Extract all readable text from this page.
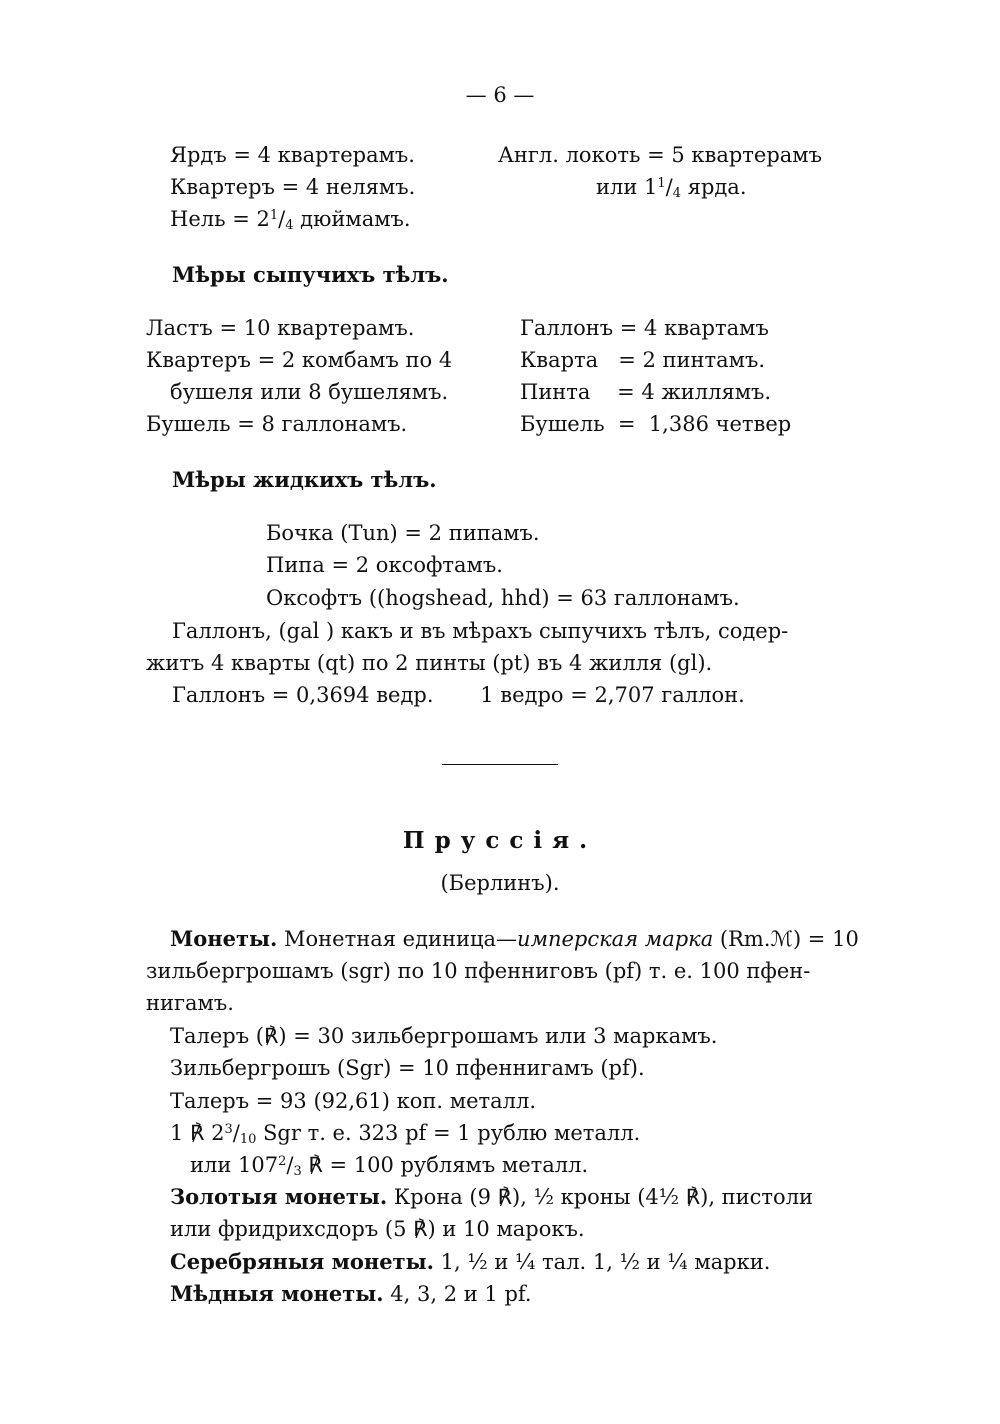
— 6 —
Ярдъ = 4 квартерамъ.
Квартеръ = 4 нелямъ.
Нель = $2^1/_4$ дюймамъ.
Англ. локоть = 5 квартерамъ
или $1^1/_4$ ярда.
Мѣры сыпучихъ тѣлъ.
Ластъ = 10 квартерамъ.
Квартеръ = 2 комбамъ по 4
бушеля или 8 бушелямъ.
Бушель = 8 галлонамъ.
Галлонъ = 4 квартамъ
Кварта   = 2 пинтамъ.
Пинта    = 4 жиллямъ.
Бушель  =  1,386 четвер
Мѣры жидкихъ тѣлъ.
Бочка (Tun) = 2 пипамъ.
Пипа = 2 оксофтамъ.
Оксофтъ ((hogshead, hhd) = 63 галлонамъ.
Галлонъ, (gal ) какъ и въ мѣрахъ сыпучихъ тѣлъ, содер-
житъ 4 кварты (qt) по 2 пинты (pt) въ 4 жилля (gl).
Галлонъ = 0,3694 ведр.       1 ведро = 2,707 галлон.
Пруссія.
(Берлинъ).
Монеты. Монетная единица—имперская марка (Rm.ℳ) = 10
зильбергрошамъ (sgr) по 10 пфенниговъ (pf) т. е. 100 пфен-
нигамъ.
Талеръ (℟) = 30 зильбергрошамъ или 3 маркамъ.
Зильбергрошъ (Sgr) = 10 пфеннигамъ (pf).
Талеръ = 93 (92,61) коп. металл.
1 ℟ $2^3/_{10}$ Sgr т. е. 323 pf = 1 рублю металл.
или $107^2/_3$ ℟ = 100 рублямъ металл.
Золотыя монеты. Крона (9 ℟), ½ кроны (4½ ℟), пистоли
или фридрихсдоръ (5 ℟) и 10 марокъ.
Серебряныя монеты. 1, ½ и ¼ тал. 1, ½ и ¼ марки.
Мѣдныя монеты. 4, 3, 2 и 1 pf.
